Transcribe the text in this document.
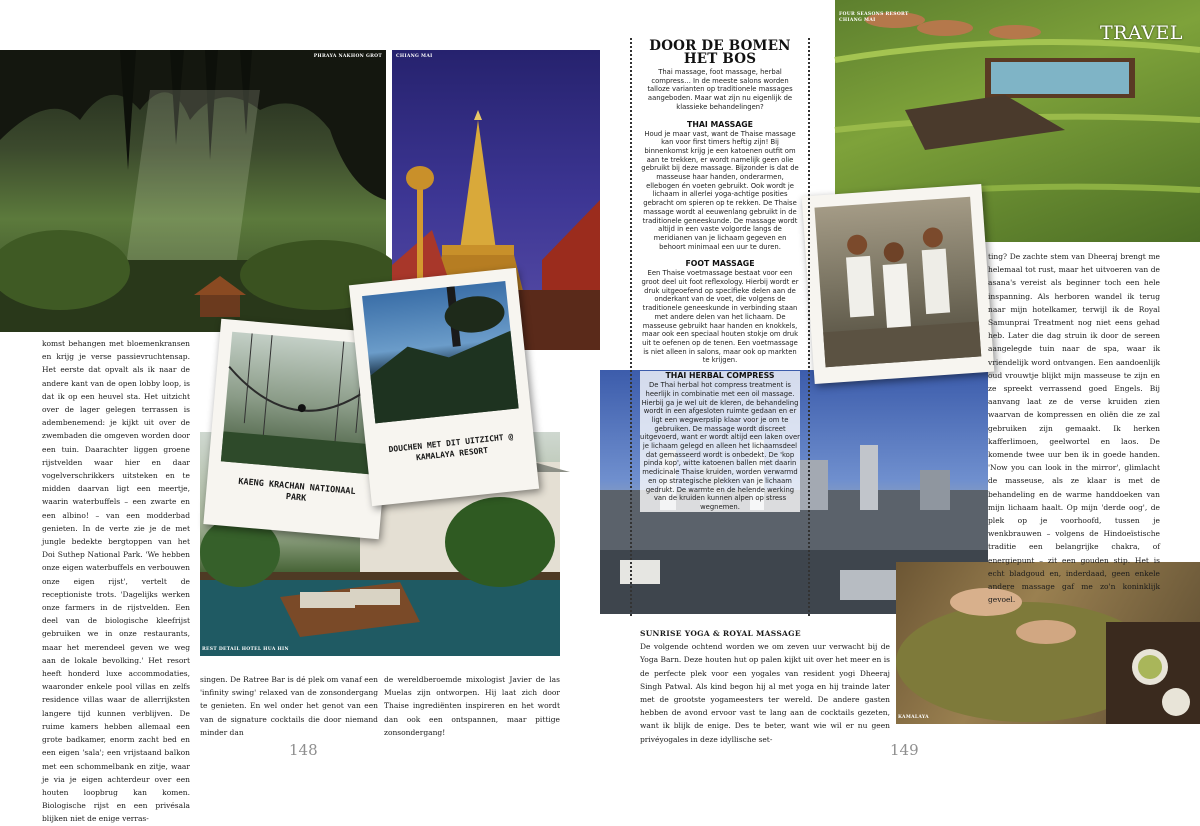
PHRAYA NAKHON GROT	CHIANG MAI
REST DETAIL HOTEL HUA HIN
KAENG KRACHAN NATIONAAL PARK
DOUCHEN MET DIT UITZICHT @ KAMALAYA RESORT

komst behangen met bloemenkransen en krijg je verse passievruchtensap. Het eerste dat opvalt als ik naar de andere kant van de open lobby loop, is dat ik op een heuvel sta. Het uitzicht over de lager gelegen terrassen is adembenemend: je kijkt uit over de zwembaden die omgeven worden door een tuin. Daarachter liggen groene rijstvelden waar hier en daar vogelverschrikkers uitsteken en te midden daarvan ligt een meertje, waarin waterbuffels – een zwarte en een albino! – van een modderbad genieten. In de verte zie je de met jungle bedekte bergtoppen van het Doi Suthep National Park. 'We hebben onze eigen waterbuffels en verbouwen onze eigen rijst', vertelt de receptioniste trots. 'Dagelijks werken onze farmers in de rijstvelden. Een deel van de biologische kleefrijst gebruiken we in onze restaurants, maar het merendeel geven we weg aan de lokale bevolking.' Het resort heeft honderd luxe accommodaties, waaronder enkele pool villas en zelfs residence villas waar de allerrijksten langere tijd kunnen verblijven. De ruime kamers hebben allemaal een grote badkamer, enorm zacht bed en een eigen 'sala'; een vrijstaand balkon met een schommelbank en zitje, waar je via je eigen achterdeur over een houten loopbrug kan komen. Biologische rijst en een privésala blijken niet de enige verras-

singen. De Ratree Bar is dé plek om vanaf een 'infinity swing' relaxed van de zonsondergang te genieten. En wel onder het genot van een van de signature cocktails die door niemand minder dan

de wereldberoemde mixologist Javier de las Muelas zijn ontworpen. Hij laat zich door Thaise ingrediënten inspireren en het wordt dan ook een ontspannen, maar pittige zonsondergang!

148
FOUR SEASONS RESORT CHIANG MAI
TRAVEL
KAMALAYA
DOOR DE BOMEN HET BOS

Thai massage, foot massage, herbal compress… In de meeste salons worden talloze varianten op traditionele massages aangeboden. Maar wat zijn nu eigenlijk de klassieke behandelingen?

THAI MASSAGE

Houd je maar vast, want de Thaise massage kan voor first timers heftig zijn! Bij binnenkomst krijg je een katoenen outfit om aan te trekken, er wordt namelijk geen olie gebruikt bij deze massage. Bijzonder is dat de masseuse haar handen, onderarmen, ellebogen én voeten gebruikt. Ook wordt je lichaam in allerlei yoga-achtige posities gebracht om spieren op te rekken. De Thaise massage wordt al eeuwenlang gebruikt in de traditionele geneeskunde. De massage wordt altijd in een vaste volgorde langs de meridianen van je lichaam gegeven en behoort minimaal een uur te duren.

FOOT MASSAGE

Een Thaise voetmassage bestaat voor een groot deel uit foot reflexology. Hierbij wordt er druk uitgeoefend op specifieke delen aan de onderkant van de voet, die volgens de traditionele geneeskunde in verbinding staan met andere delen van het lichaam. De masseuse gebruikt haar handen en knokkels, maar ook een speciaal houten stokje om druk uit te oefenen op de tenen. Een voetmassage is niet alleen in salons, maar ook op markten te krijgen.

THAI HERBAL COMPRESS

De Thai herbal hot compress treatment is heerlijk in combinatie met een oil massage. Hierbij ga je wel uit de kleren, de behandeling wordt in een afgesloten ruimte gedaan en er ligt een wegwerpslip klaar voor je om te gebruiken. De massage wordt discreet uitgevoerd, want er wordt altijd een laken over je lichaam gelegd en alleen het lichaamsdeel dat gemasseerd wordt is onbedekt. De 'kop pinda kop', witte katoenen ballen met daarin medicinale Thaise kruiden, worden verwarmd en op strategische plekken van je lichaam gedrukt. De warmte en de helende werking van de kruiden kunnen alpen op stress wegnemen.

SUNRISE YOGA & ROYAL MASSAGE

De volgende ochtend worden we om zeven uur verwacht bij de Yoga Barn. Deze houten hut op palen kijkt uit over het meer en is de perfecte plek voor een yogales van resident yogi Dheeraj Singh Patwal. Als kind begon hij al met yoga en hij trainde later met de grootste yogameesters ter wereld. De andere gasten hebben de avond ervoor vast te lang aan de cocktails gezeten, want ik blijk de enige. Des te beter, want wie wil er nu geen privéyogales in deze idyllische set-

ting? De zachte stem van Dheeraj brengt me helemaal tot rust, maar het uitvoeren van de asana's vereist als beginner toch een hele inspanning. Als herboren wandel ik terug naar mijn hotelkamer, terwijl ik de Royal Samunprai Treatment nog niet eens gehad heb. Later die dag struin ik door de sereen aangelegde tuin naar de spa, waar ik vriendelijk word ontvangen. Een aandoenlijk oud vrouwtje blijkt mijn masseuse te zijn en ze spreekt verrassend goed Engels. Bij aanvang laat ze de verse kruiden zien waarvan de kompressen en oliën die ze zal gebruiken zijn gemaakt. Ik herken kafferlimoen, geelwortel en laos. De komende twee uur ben ik in goede handen. 'Now you can look in the mirror', glimlacht de masseuse, als ze klaar is met de behandeling en de warme handdoeken van mijn lichaam haalt. Op mijn 'derde oog', de plek op je voorhoofd, tussen je wenkbrauwen – volgens de Hindoeïstische traditie een belangrijke chakra, of energiepunt – zit een gouden stip. Het is echt bladgoud en, inderdaad, geen enkele andere massage gaf me zo'n koninklijk gevoel.

149
